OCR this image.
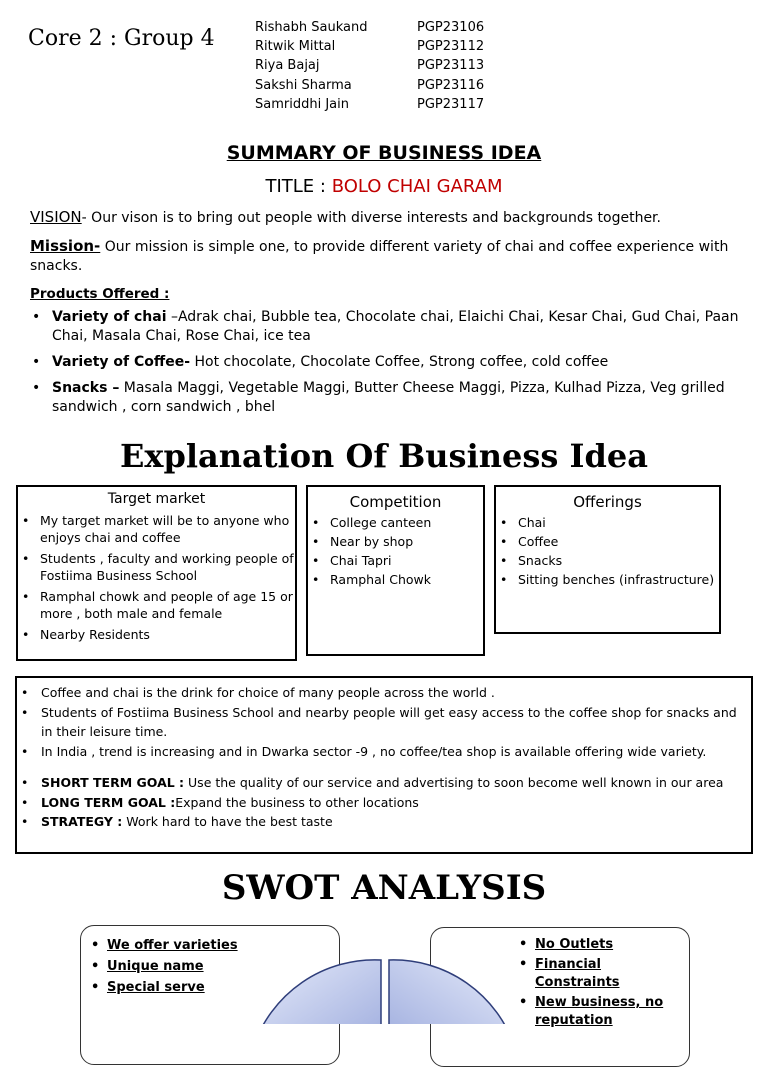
Core 2 : Group 4	Rishabh Saukand	PGP23106
Ritwik Mittal	PGP23112
Riya Bajaj	PGP23113
Sakshi Sharma	PGP23116
Samriddhi Jain	PGP23117
SUMMARY OF BUSINESS IDEA
TITLE : BOLO CHAI GARAM
VISION- Our vison is to bring out people with diverse interests and backgrounds together.
Mission- Our mission is simple one, to provide different variety of chai and coffee experience with snacks.
Products Offered :
• Variety of chai –Adrak chai, Bubble tea, Chocolate chai, Elaichi Chai, Kesar Chai, Gud Chai, Paan Chai, Masala Chai, Rose Chai, ice tea
• Variety of Coffee- Hot chocolate, Chocolate Coffee, Strong coffee, cold coffee
• Snacks – Masala Maggi, Vegetable Maggi, Butter Cheese Maggi, Pizza, Kulhad Pizza, Veg grilled sandwich , corn sandwich , bhel
Explanation Of Business Idea
Target market
• My target market will be to anyone who enjoys chai and coffee
• Students , faculty and working people of Fostiima Business School
• Ramphal chowk and people of age 15 or more , both male and female
• Nearby Residents
Competition
• College canteen
• Near by shop
• Chai Tapri
• Ramphal Chowk
Offerings
• Chai
• Coffee
• Snacks
• Sitting benches (infrastructure)
• Coffee and chai is the drink for choice of many people across the world .
• Students of Fostiima Business School and nearby people will get easy access to the coffee shop for snacks and in their leisure time.
• In India , trend is increasing and in Dwarka sector -9 , no coffee/tea shop is available offering wide variety.
• SHORT TERM GOAL : Use the quality of our service and advertising to soon become well known in our area
• LONG TERM GOAL :Expand the business to other locations
• STRATEGY : Work hard to have the best taste
SWOT ANALYSIS
• We offer varieties
• Unique name
• Special serve
• No Outlets
• Financial Constraints
• New business, no reputation
